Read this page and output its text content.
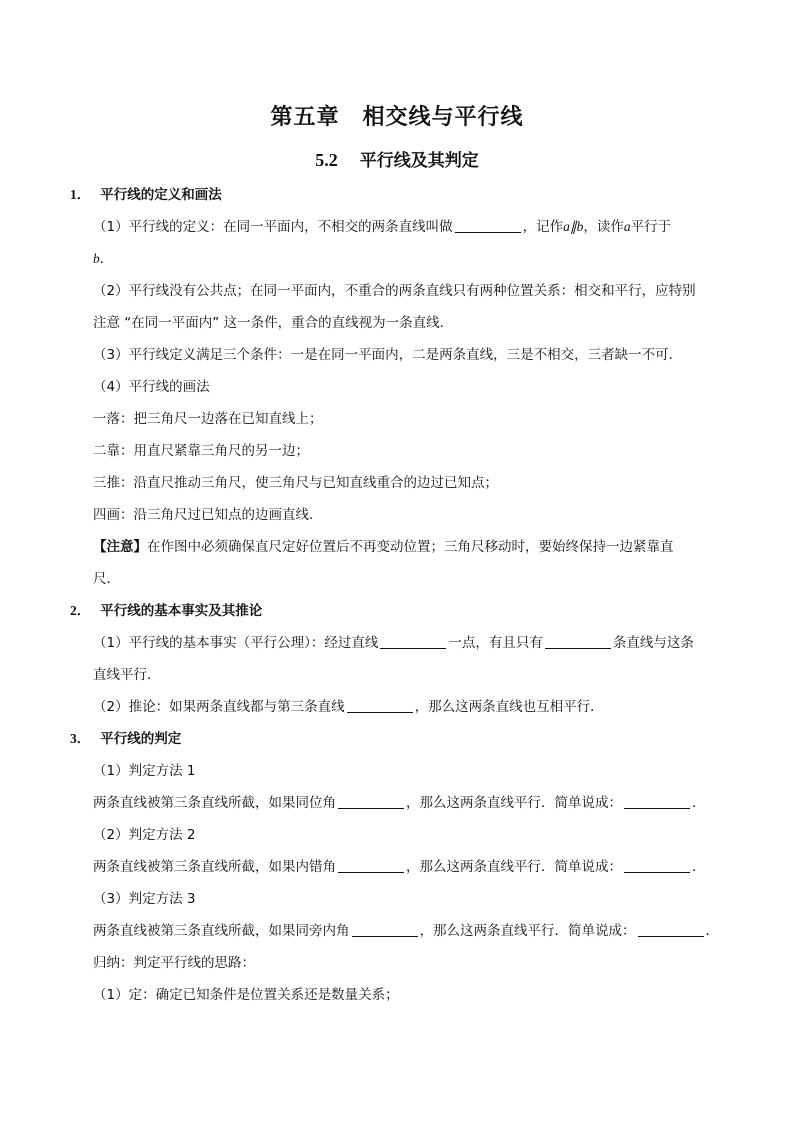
第五章　相交线与平行线
5.2 平行线及其判定
1． 平行线的定义和画法
（1）平行线的定义：在同一平面内，不相交的两条直线叫做	，记作a∥b，读作a平行于
b．
（2）平行线没有公共点；在同一平面内，不重合的两条直线只有两种位置关系：相交和平行，应特别
注意 “在同一平面内” 这一条件，重合的直线视为一条直线．
（3）平行线定义满足三个条件：一是在同一平面内，二是两条直线，三是不相交，三者缺一不可．
（4）平行线的画法
一落：把三角尺一边落在已知直线上；
二靠：用直尺紧靠三角尺的另一边；
三推：沿直尺推动三角尺，使三角尺与已知直线重合的边过已知点；
四画：沿三角尺过已知点的边画直线．
【注意】在作图中必须确保直尺定好位置后不再变动位置；三角尺移动时，要始终保持一边紧靠直
尺．
2． 平行线的基本事实及其推论
（1）平行线的基本事实（平行公理）：经过直线	一点，有且只有	条直线与这条
直线平行．
（2）推论：如果两条直线都与第三条直线	，那么这两条直线也互相平行．
3． 平行线的判定
（1）判定方法 1
两条直线被第三条直线所截，如果同位角	，那么这两条直线平行．简单说成：	．
（2）判定方法 2
两条直线被第三条直线所截，如果内错角	，那么这两条直线平行．简单说成：	．
（3）判定方法 3
两条直线被第三条直线所截，如果同旁内角	，那么这两条直线平行．简单说成：	．
归纳：判定平行线的思路：
（1）定：确定已知条件是位置关系还是数量关系；
